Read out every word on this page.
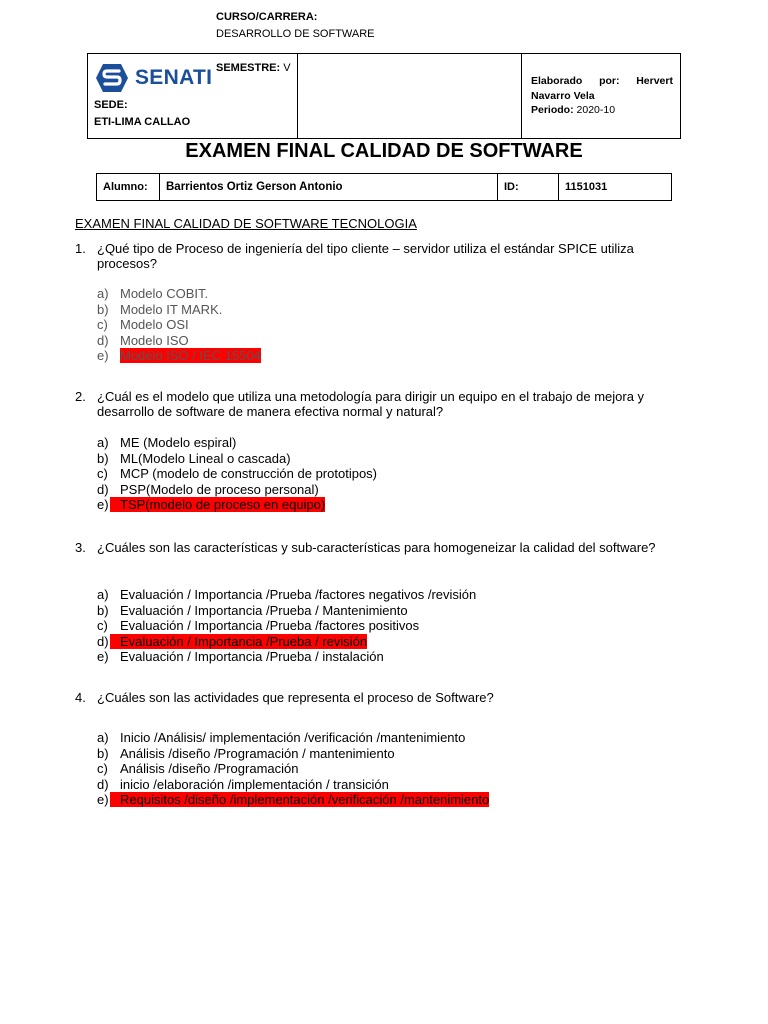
SENATI
SEDE:
ETI-LIMA CALLAO
CURSO/CARRERA:
DESARROLLO DE SOFTWARE
SEMESTRE: V
Elaborado por: Hervert
Navarro Vela
Periodo: 2020-10
EXAMEN FINAL CALIDAD DE SOFTWARE
Alumno:	Barrientos Ortiz Gerson Antonio	ID:	1151031
EXAMEN FINAL CALIDAD DE SOFTWARE TECNOLOGIA
1. ¿Qué tipo de Proceso de ingeniería del tipo cliente – servidor utiliza el estándar SPICE utiliza procesos?
a) Modelo COBIT.
b) Modelo IT MARK.
c) Modelo OSI
d) Modelo ISO
e) Modelo ISO / IEC 15504
2. ¿Cuál es el modelo que utiliza una metodología para dirigir un equipo en el trabajo de mejora y desarrollo de software de manera efectiva normal y natural?
a) ME (Modelo espiral)
b) ML(Modelo Lineal o cascada)
c) MCP (modelo de construcción de prototipos)
d) PSP(Modelo de proceso personal)
e) TSP(modelo de proceso en equipo)
3. ¿Cuáles son las características y sub-características para homogeneizar la calidad del software?
a) Evaluación / Importancia /Prueba /factores negativos /revisión
b) Evaluación / Importancia /Prueba / Mantenimiento
c) Evaluación / Importancia /Prueba /factores positivos
d) Evaluación / Importancia /Prueba / revisión
e) Evaluación / Importancia /Prueba / instalación
4. ¿Cuáles son las actividades que representa el proceso de Software?
a) Inicio /Análisis/ implementación /verificación /mantenimiento
b) Análisis /diseño /Programación / mantenimiento
c) Análisis /diseño /Programación
d) inicio /elaboración /implementación / transición
e) Requisitos /diseño /implementación /verificación /mantenimiento
